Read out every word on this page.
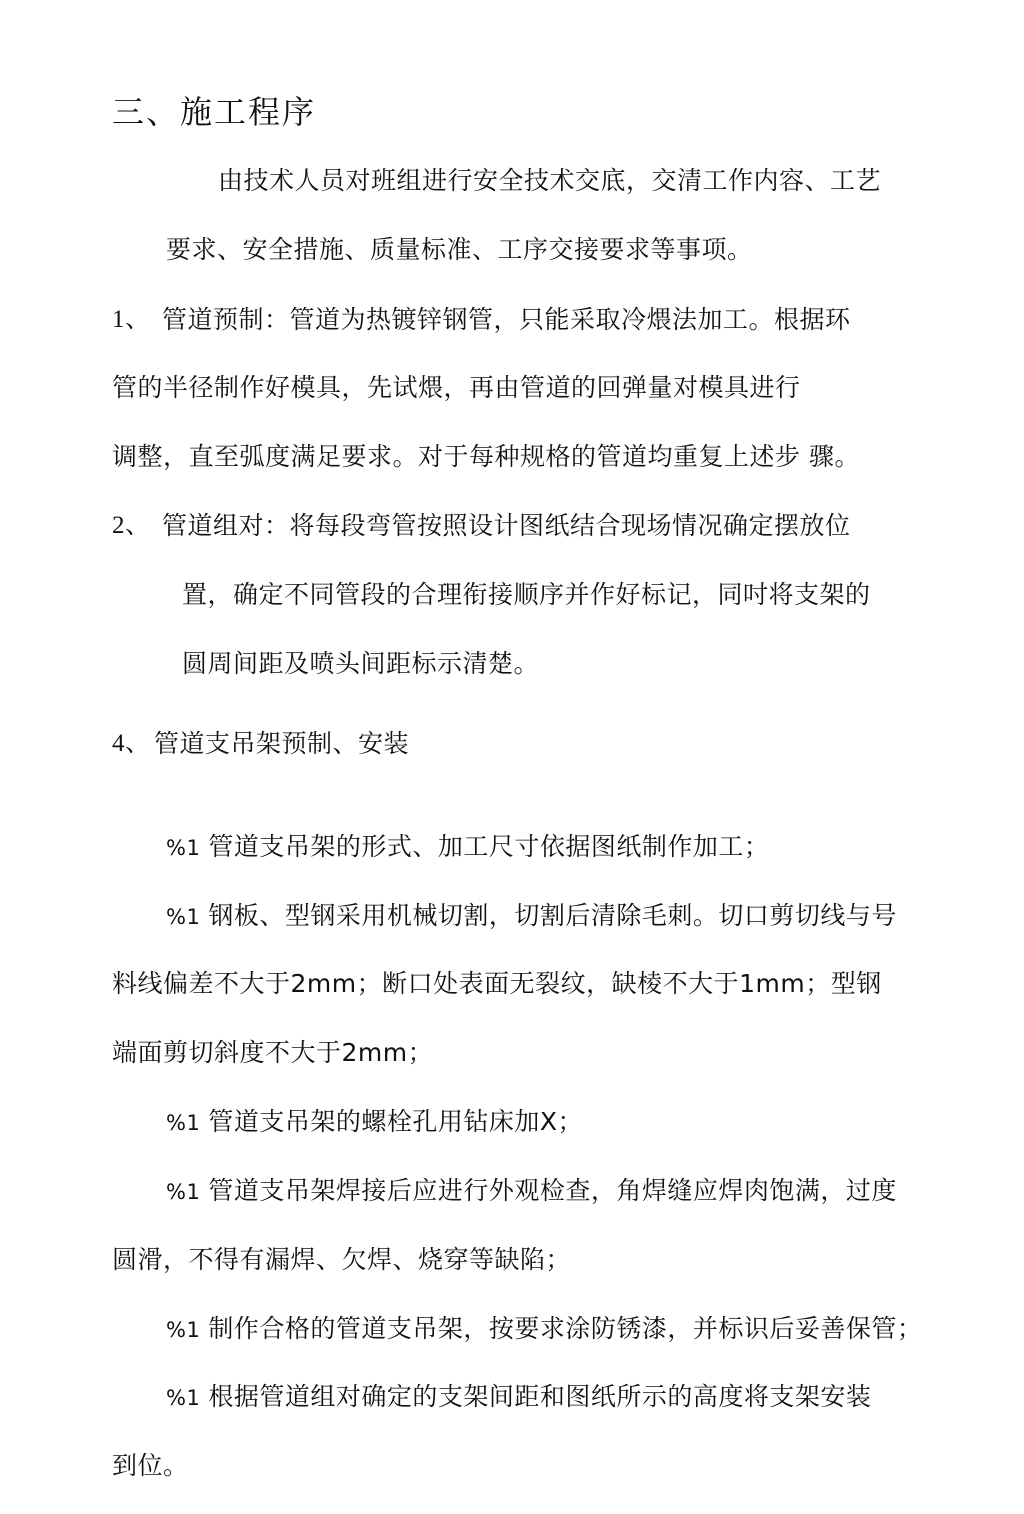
三、施工程序
由技术人员对班组进行安全技术交底，交清工作内容、工艺
要求、安全措施、质量标准、工序交接要求等事项。
1、 管道预制：管道为热镀锌钢管，只能采取冷煨法加工。根据环
管的半径制作好模具，先试煨，再由管道的回弹量对模具进行
调整，直至弧度满足要求。对于每种规格的管道均重复上述步 骤。
2、 管道组对：将每段弯管按照设计图纸结合现场情况确定摆放位
置，确定不同管段的合理衔接顺序并作好标记，同吋将支架的
圆周间距及喷头间距标示清楚。
4、 管道支吊架预制、安装
%1 管道支吊架的形式、加工尺寸依据图纸制作加工；
%1 钢板、型钢采用机械切割，切割后清除毛刺。切口剪切线与号
料线偏差不大于2mm；断口处表面无裂纹，缺棱不大于1mm；型钢
端面剪切斜度不大于2mm；
%1 管道支吊架的螺栓孔用钻床加X；
%1 管道支吊架焊接后应进行外观检查，角焊缝应焊肉饱满，过度
圆滑，不得有漏焊、欠焊、烧穿等缺陷；
%1 制作合格的管道支吊架，按要求涂防锈漆，并标识后妥善保管；
%1 根据管道组对确定的支架间距和图纸所示的高度将支架安装
到位。
